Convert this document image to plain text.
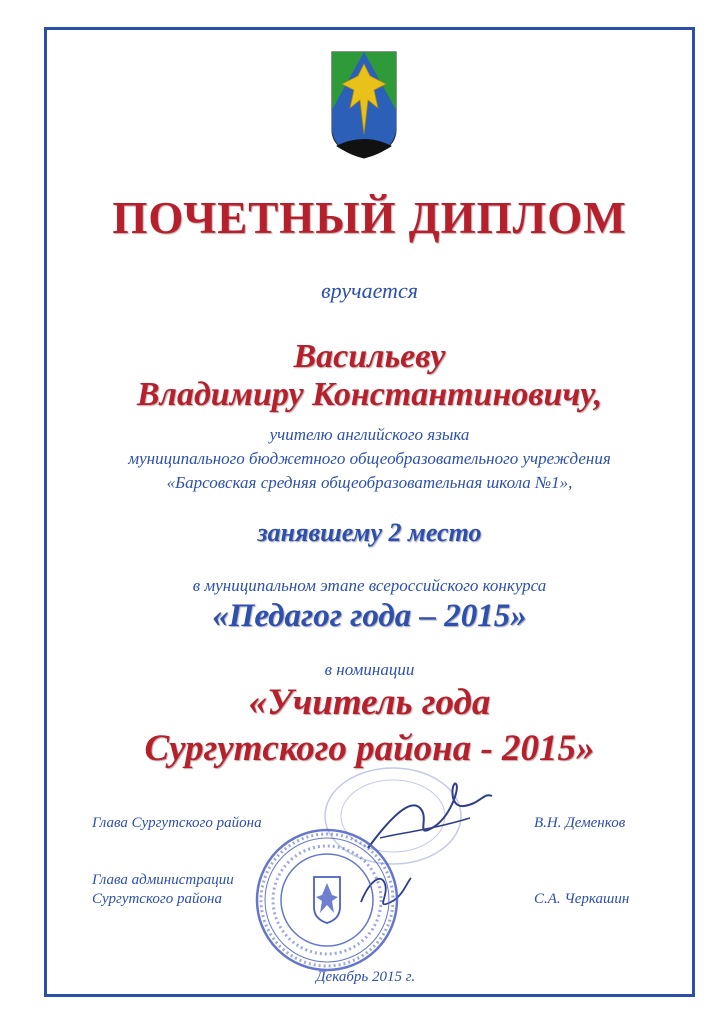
ПОЧЕТНЫЙ ДИПЛОМ
вручается
Васильеву
Владимиру Константиновичу,
учителю английского языка
муниципального бюджетного общеобразовательного учреждения
«Барсовская средняя общеобразовательная школа №1»,
занявшему 2 место
в муниципальном этапе всероссийского конкурса
«Педагог года – 2015»
в номинации
«Учитель года
Сургутского района - 2015»
Глава Сургутского района	В.Н. Деменков
Глава администрации
Сургутского района	С.А. Черкашин
Декабрь 2015 г.
